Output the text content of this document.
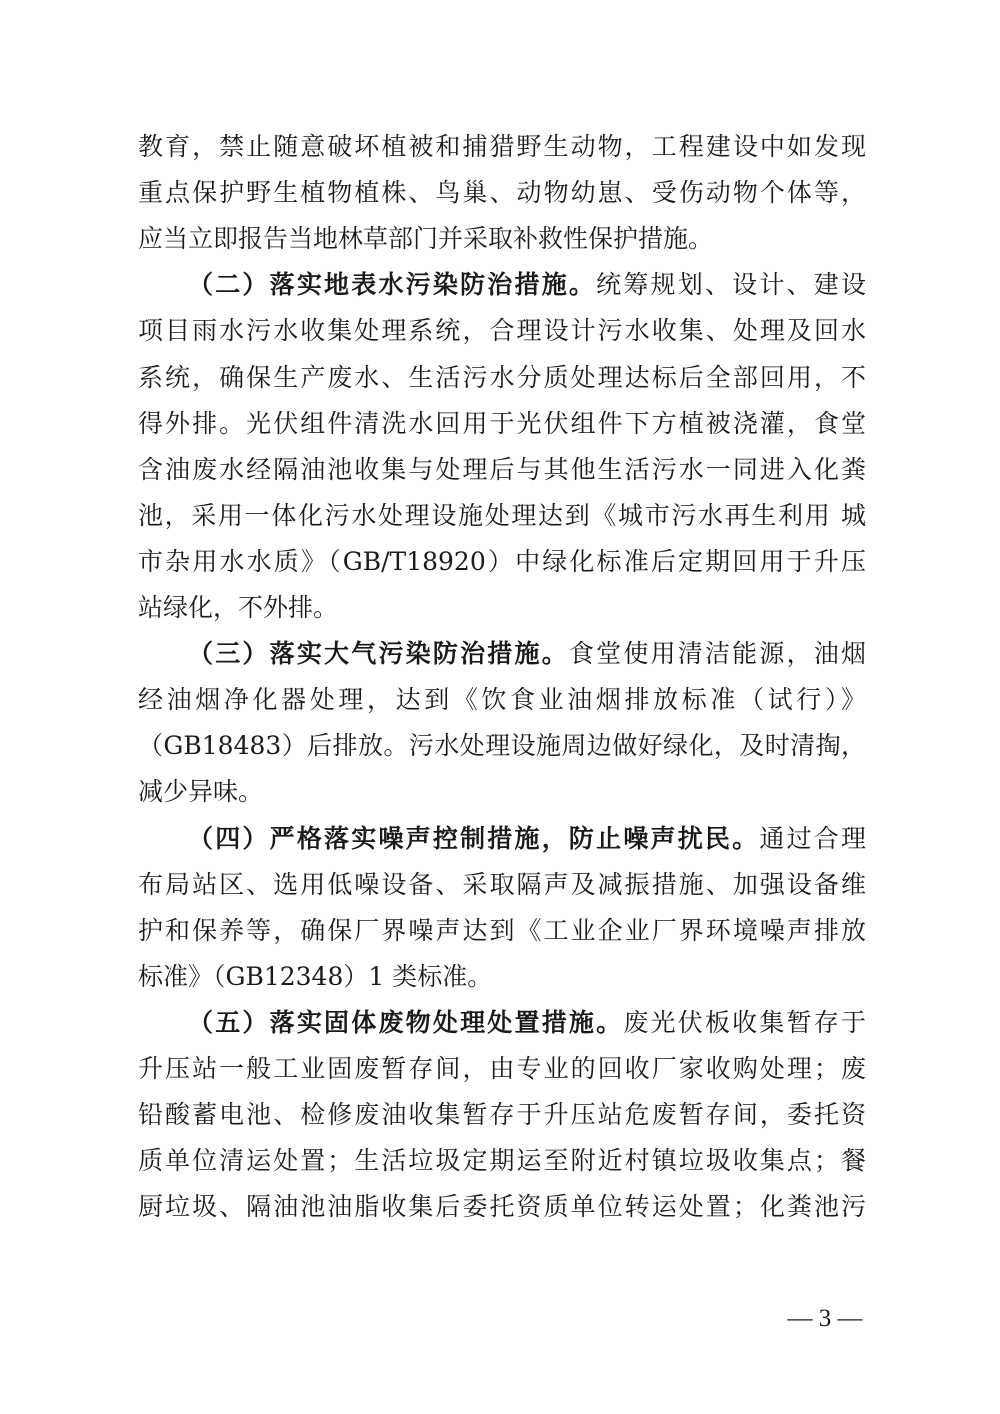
教育，禁止随意破坏植被和捕猎野生动物，工程建设中如发现
重点保护野生植物植株、鸟巢、动物幼崽、受伤动物个体等，
应当立即报告当地林草部门并采取补救性保护措施。
（二）落实地表水污染防治措施。统筹规划、设计、建设
项目雨水污水收集处理系统，合理设计污水收集、处理及回水
系统，确保生产废水、生活污水分质处理达标后全部回用，不
得外排。光伏组件清洗水回用于光伏组件下方植被浇灌，食堂
含油废水经隔油池收集与处理后与其他生活污水一同进入化粪
池，采用一体化污水处理设施处理达到《城市污水再生利用 城
市杂用水水质》（GB/T18920）中绿化标准后定期回用于升压
站绿化，不外排。
（三）落实大气污染防治措施。食堂使用清洁能源，油烟
经油烟净化器处理，达到《饮食业油烟排放标准（试行）》
（GB18483）后排放。污水处理设施周边做好绿化，及时清掏，
减少异味。
（四）严格落实噪声控制措施，防止噪声扰民。通过合理
布局站区、选用低噪设备、采取隔声及减振措施、加强设备维
护和保养等，确保厂界噪声达到《工业企业厂界环境噪声排放
标准》（GB12348）1 类标准。
（五）落实固体废物处理处置措施。废光伏板收集暂存于
升压站一般工业固废暂存间，由专业的回收厂家收购处理；废
铅酸蓄电池、检修废油收集暂存于升压站危废暂存间，委托资
质单位清运处置；生活垃圾定期运至附近村镇垃圾收集点；餐
厨垃圾、隔油池油脂收集后委托资质单位转运处置；化粪池污
— 3 —
